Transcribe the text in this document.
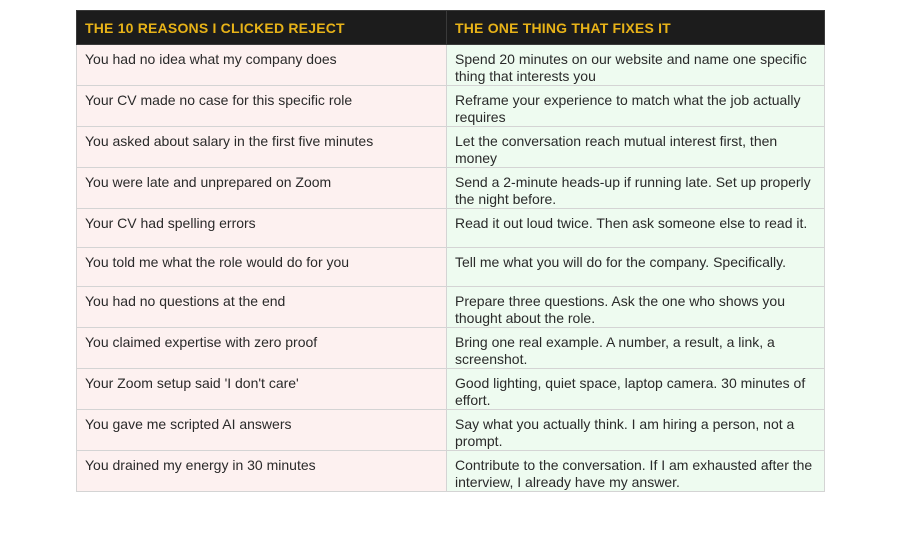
THE 10 REASONS I CLICKED REJECT	THE ONE THING THAT FIXES IT
You had no idea what my company does	Spend 20 minutes on our website and name one specific thing that interests you
Your CV made no case for this specific role	Reframe your experience to match what the job actually requires
You asked about salary in the first five minutes	Let the conversation reach mutual interest first, then money
You were late and unprepared on Zoom	Send a 2-minute heads-up if running late. Set up properly the night before.
Your CV had spelling errors	Read it out loud twice. Then ask someone else to read it.
You told me what the role would do for you	Tell me what you will do for the company. Specifically.
You had no questions at the end	Prepare three questions. Ask the one who shows you thought about the role.
You claimed expertise with zero proof	Bring one real example. A number, a result, a link, a screenshot.
Your Zoom setup said 'I don't care'	Good lighting, quiet space, laptop camera. 30 minutes of effort.
You gave me scripted AI answers	Say what you actually think. I am hiring a person, not a prompt.
You drained my energy in 30 minutes	Contribute to the conversation. If I am exhausted after the interview, I already have my answer.
